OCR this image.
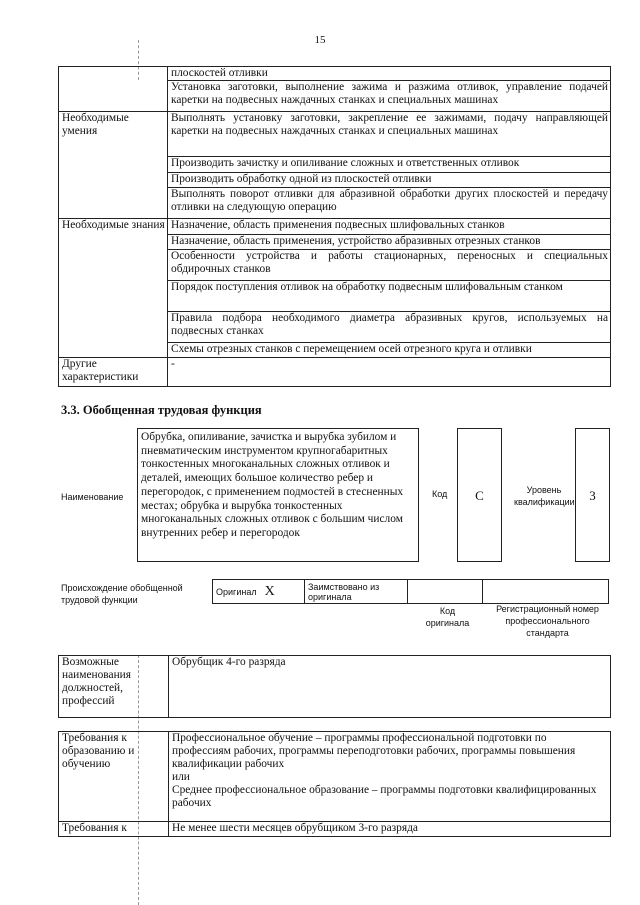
15
	плоскостей отливки
	Установка заготовки, выполнение зажима и разжима отливок, управление подачей каретки на подвесных наждачных станках и специальных машинах
Необходимые умения	Выполнять установку заготовки, закрепление ее зажимами, подачу направляющей каретки на подвесных наждачных станках и специальных машинах
	Производить зачистку и опиливание сложных и ответственных отливок
	Производить обработку одной из плоскостей отливки
	Выполнять поворот отливки для абразивной обработки других плоскостей и передачу отливки на следующую операцию
Необходимые знания	Назначение, область применения подвесных шлифовальных станков
	Назначение, область применения, устройство абразивных отрезных станков
	Особенности устройства и работы стационарных, переносных и специальных обдирочных станков
	Порядок поступления отливок на обработку подвесным шлифовальным станком
	Правила подбора необходимого диаметра абразивных кругов, используемых на подвесных станках
	Схемы отрезных станков с перемещением осей отрезного круга и отливки
Другие характеристики	-
3.3. Обобщенная трудовая функция
Наименование
Обрубка, опиливание, зачистка и вырубка зубилом и пневматическим инструментом крупногабаритных тонкостенных многоканальных сложных отливок и деталей, имеющих большое количество ребер и перегородок, с применением подмостей в стесненных местах; обрубка и вырубка тонкостенных многоканальных сложных отливок с большим числом внутренних ребер и перегородок
Код	C	Уровень квалификации	3
Происхождение обобщенной трудовой функции
Оригинал X	Заимствовано из оригинала		
Код оригинала
Регистрационный номер профессионального стандарта
Возможные наименования должностей, профессий	Обрубщик 4-го разряда
Требования к образованию и обучению	Профессиональное обучение – программы профессиональной подготовки по профессиям рабочих, программы переподготовки рабочих, программы повышения квалификации рабочих
или
Среднее профессиональное образование – программы подготовки квалифицированных рабочих

Требования к	Не менее шести месяцев обрубщиком 3-го разряда
